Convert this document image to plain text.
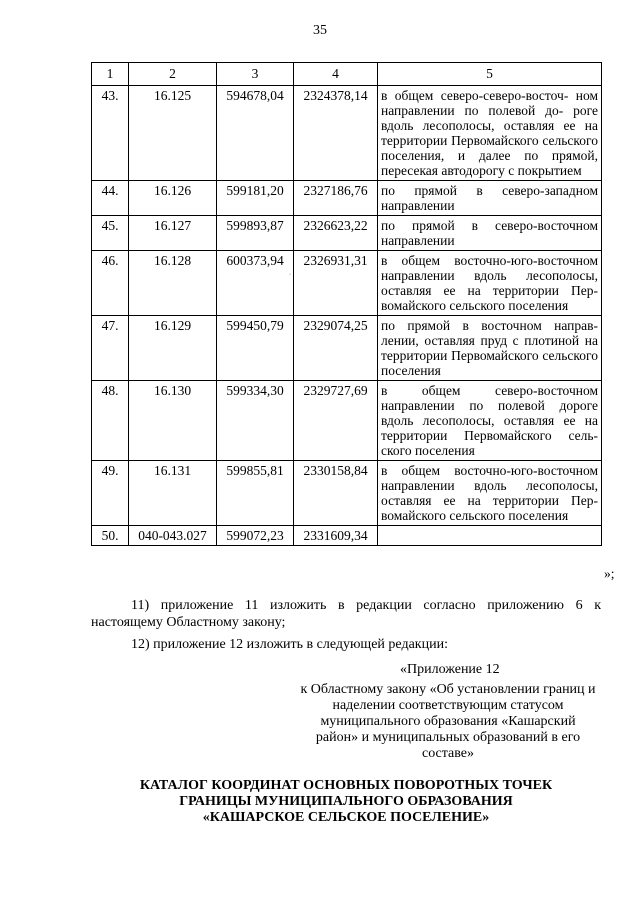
35
1	2	3	4	5
43.	16.125	594678,04	2324378,14	в общем северо-северо-восточ- ном направлении по полевой до- роге вдоль лесополосы, оставляя ее на территории Первомайского сельского поселения, и далее по прямой, пересекая автодорогу с покрытием
44.	16.126	599181,20	2327186,76	по прямой в северо-западном направлении
45.	16.127	599893,87	2326623,22	по прямой в северо-восточном направлении
46.	16.128	600373,94	2326931,31	в общем восточно-юго-восточном направлении вдоль лесополосы, оставляя ее на территории Пер- вомайского сельского поселения
47.	16.129	599450,79	2329074,25	по прямой в восточном направ- лении, оставляя пруд с плотиной на территории Первомайского сельского поселения
48.	16.130	599334,30	2329727,69	в общем северо-восточном направлении по полевой дороге вдоль лесополосы, оставляя ее на территории Первомайского сель- ского поселения
49.	16.131	599855,81	2330158,84	в общем восточно-юго-восточном направлении вдоль лесополосы, оставляя ее на территории Пер- вомайского сельского поселения
50.	040-043.027	599072,23	2331609,34	
·
»;
11) приложение 11 изложить в редакции согласно приложению 6 к настоящему Областному закону;
12) приложение 12 изложить в следующей редакции:
«Приложение 12
к Областному закону «Об установлении границ и наделении соответствующим статусом муниципального образования «Кашарский район» и муниципальных образований в его составе»
КАТАЛОГ КООРДИНАТ ОСНОВНЫХ ПОВОРОТНЫХ ТОЧЕК
ГРАНИЦЫ МУНИЦИПАЛЬНОГО ОБРАЗОВАНИЯ
«КАШАРСКОЕ СЕЛЬСКОЕ ПОСЕЛЕНИЕ»
